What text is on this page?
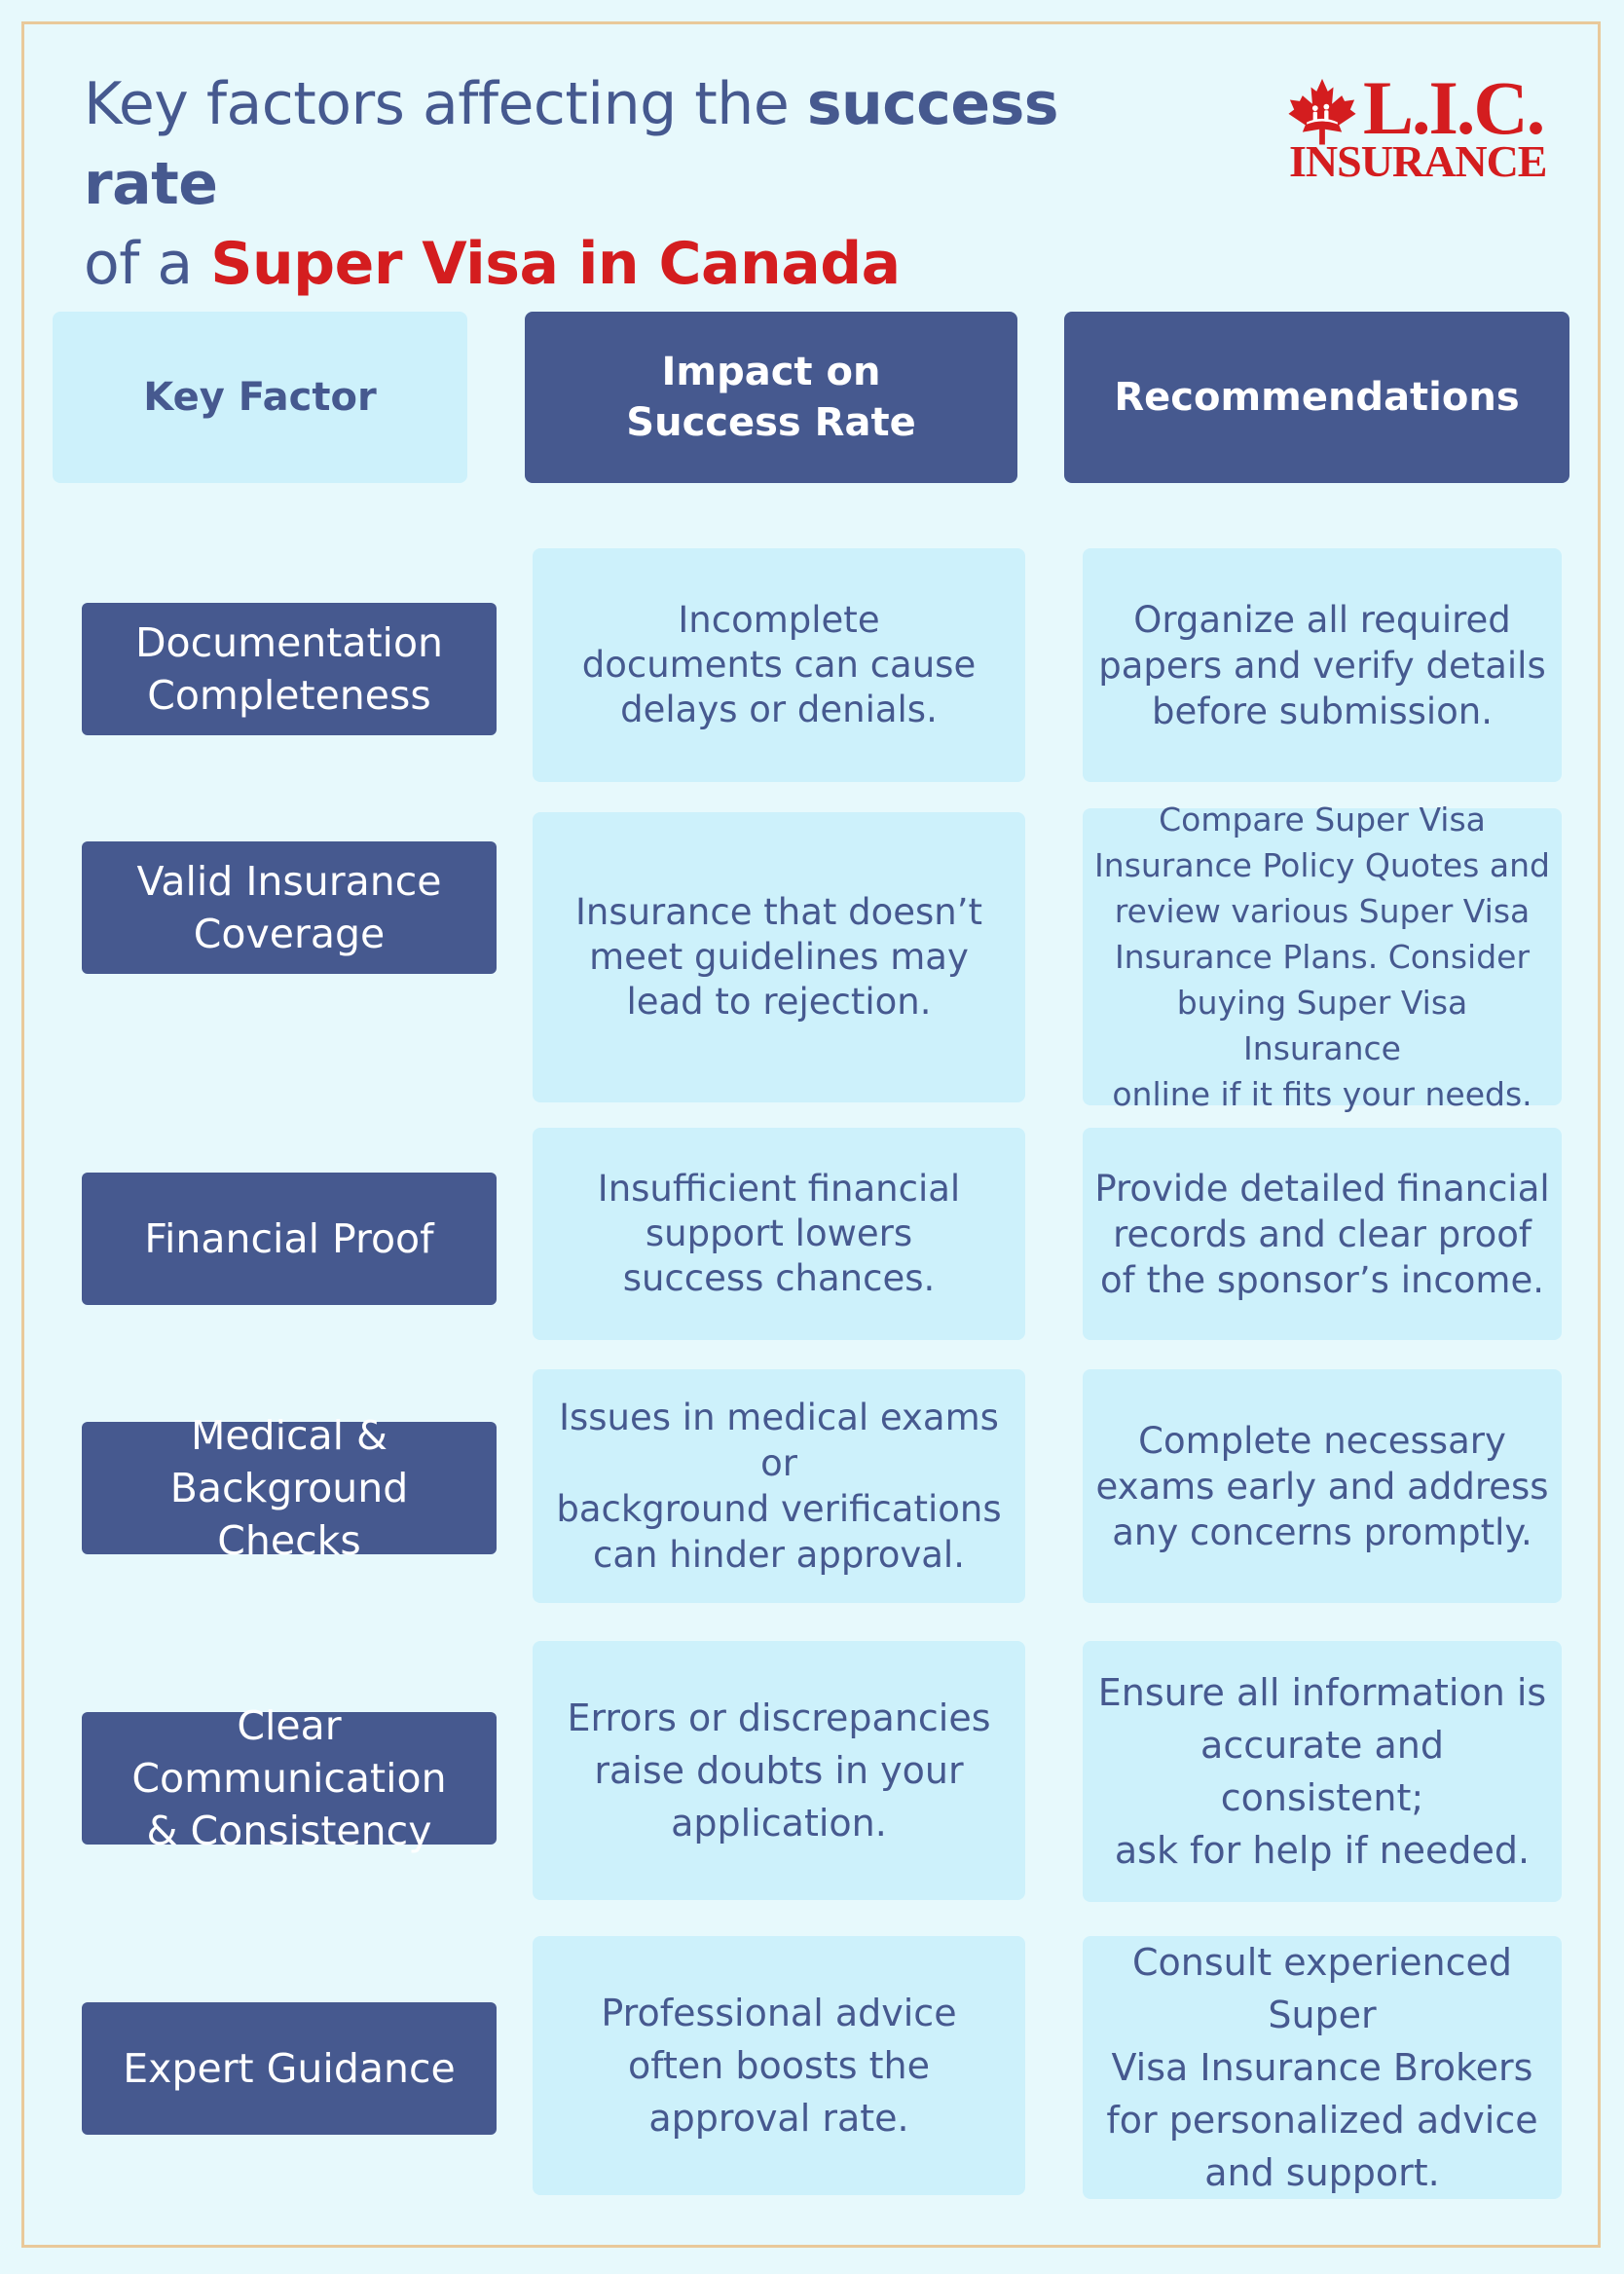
Key factors affecting the success rate
of a Super Visa in Canada
L.I.C.
INSURANCE
Key Factor
Impact on
Success Rate
Recommendations
Documentation
Completeness
Incomplete
documents can cause
delays or denials.
Organize all required
papers and verify details
before submission.
Valid Insurance
Coverage	Insurance that doesn’t
meet guidelines may
lead to rejection.
Compare Super Visa
Insurance Policy Quotes and
review various Super Visa
Insurance Plans. Consider
buying Super Visa Insurance
online if it fits your needs.
Financial Proof
Insufficient financial
support lowers
success chances.
Provide detailed financial
records and clear proof
of the sponsor’s income.
Medical & Background
Checks
Issues in medical exams or
background verifications
can hinder approval.
Complete necessary
exams early and address
any concerns promptly.
Clear Communication
& Consistency
Errors or discrepancies
raise doubts in your
application.
Ensure all information is
accurate and consistent;
ask for help if needed.
Expert Guidance
Professional advice
often boosts the
approval rate.
Consult experienced Super
Visa Insurance Brokers
for personalized advice
and support.
